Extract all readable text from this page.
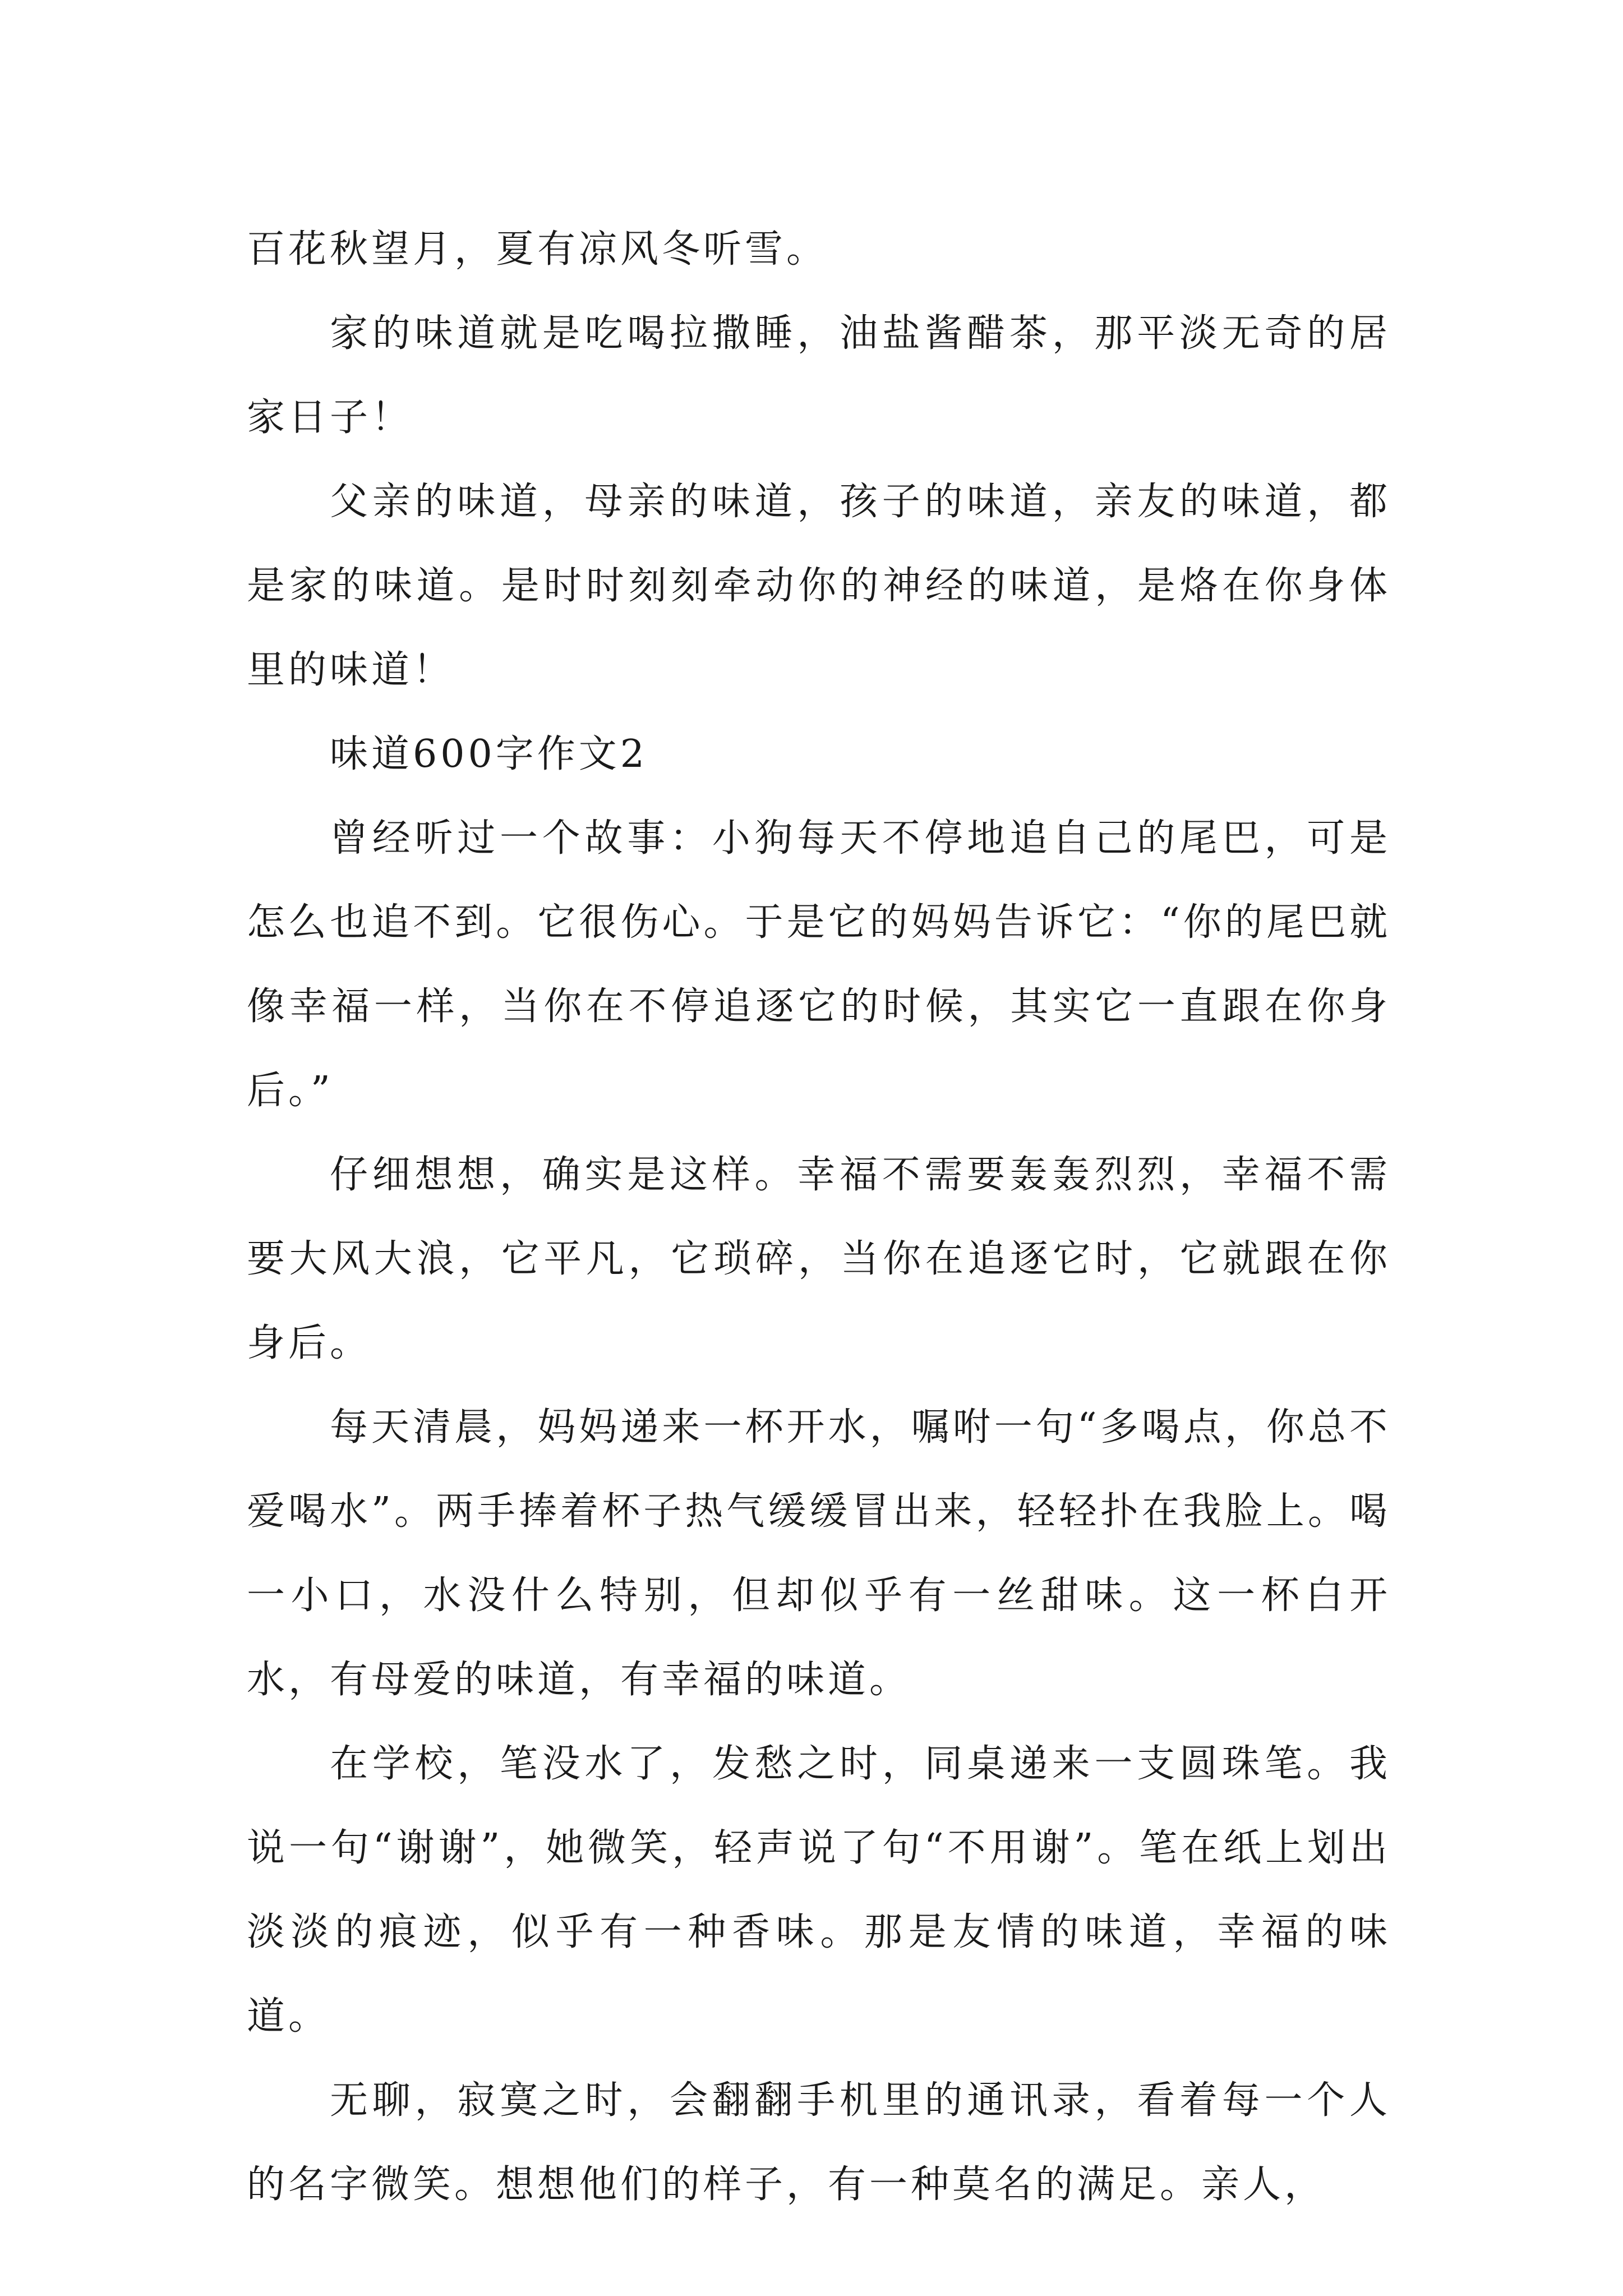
百花秋望月，夏有凉风冬听雪。

家的味道就是吃喝拉撒睡，油盐酱醋茶，那平淡无奇的居家日子！

父亲的味道，母亲的味道，孩子的味道，亲友的味道，都是家的味道。是时时刻刻牵动你的神经的味道，是烙在你身体里的味道！

味道600字作文2

曾经听过一个故事：小狗每天不停地追自己的尾巴，可是怎么也追不到。它很伤心。于是它的妈妈告诉它：“你的尾巴就像幸福一样，当你在不停追逐它的时候，其实它一直跟在你身后。”

仔细想想，确实是这样。幸福不需要轰轰烈烈，幸福不需要大风大浪，它平凡，它琐碎，当你在追逐它时，它就跟在你身后。

每天清晨，妈妈递来一杯开水，嘱咐一句“多喝点，你总不爱喝水”。两手捧着杯子热气缓缓冒出来，轻轻扑在我脸上。喝一小口，水没什么特别，但却似乎有一丝甜味。这一杯白开水，有母爱的味道，有幸福的味道。

在学校，笔没水了，发愁之时，同桌递来一支圆珠笔。我说一句“谢谢”，她微笑，轻声说了句“不用谢”。笔在纸上划出淡淡的痕迹，似乎有一种香味。那是友情的味道，幸福的味道。

无聊，寂寞之时，会翻翻手机里的通讯录，看着每一个人的名字微笑。想想他们的样子，有一种莫名的满足。亲人，
